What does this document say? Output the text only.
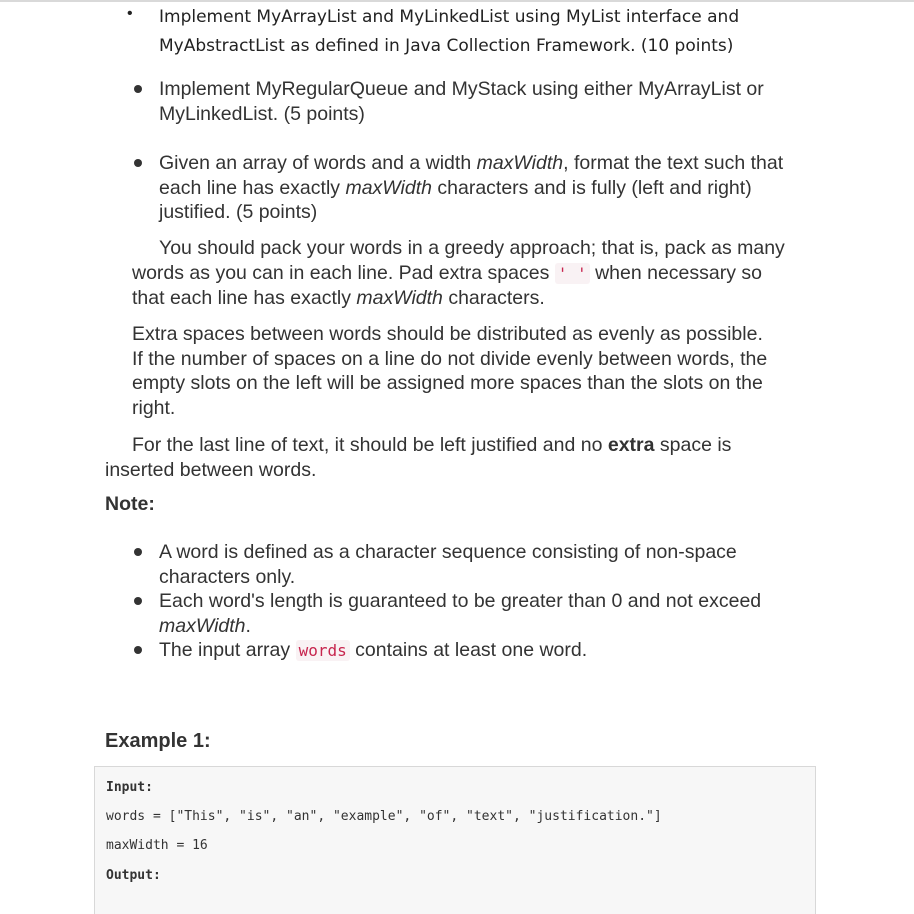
• Implement MyArrayList and MyLinkedList using MyList interface and MyAbstractList as defined in Java Collection Framework. (10 points)
Implement MyRegularQueue and MyStack using either MyArrayList or MyLinkedList. (5 points)
Given an array of words and a width maxWidth, format the text such that each line has exactly maxWidth characters and is fully (left and right) justified. (5 points)
You should pack your words in a greedy approach; that is, pack as many words as you can in each line. Pad extra spaces ' ' when necessary so that each line has exactly maxWidth characters.
Extra spaces between words should be distributed as evenly as possible. If the number of spaces on a line do not divide evenly between words, the empty slots on the left will be assigned more spaces than the slots on the right.
For the last line of text, it should be left justified and no extra space is inserted between words.
Note:
A word is defined as a character sequence consisting of non-space characters only.
Each word's length is guaranteed to be greater than 0 and not exceed maxWidth.
The input array words contains at least one word.
Example 1:
Input:
words = ["This", "is", "an", "example", "of", "text", "justification."]
maxWidth = 16
Output:
